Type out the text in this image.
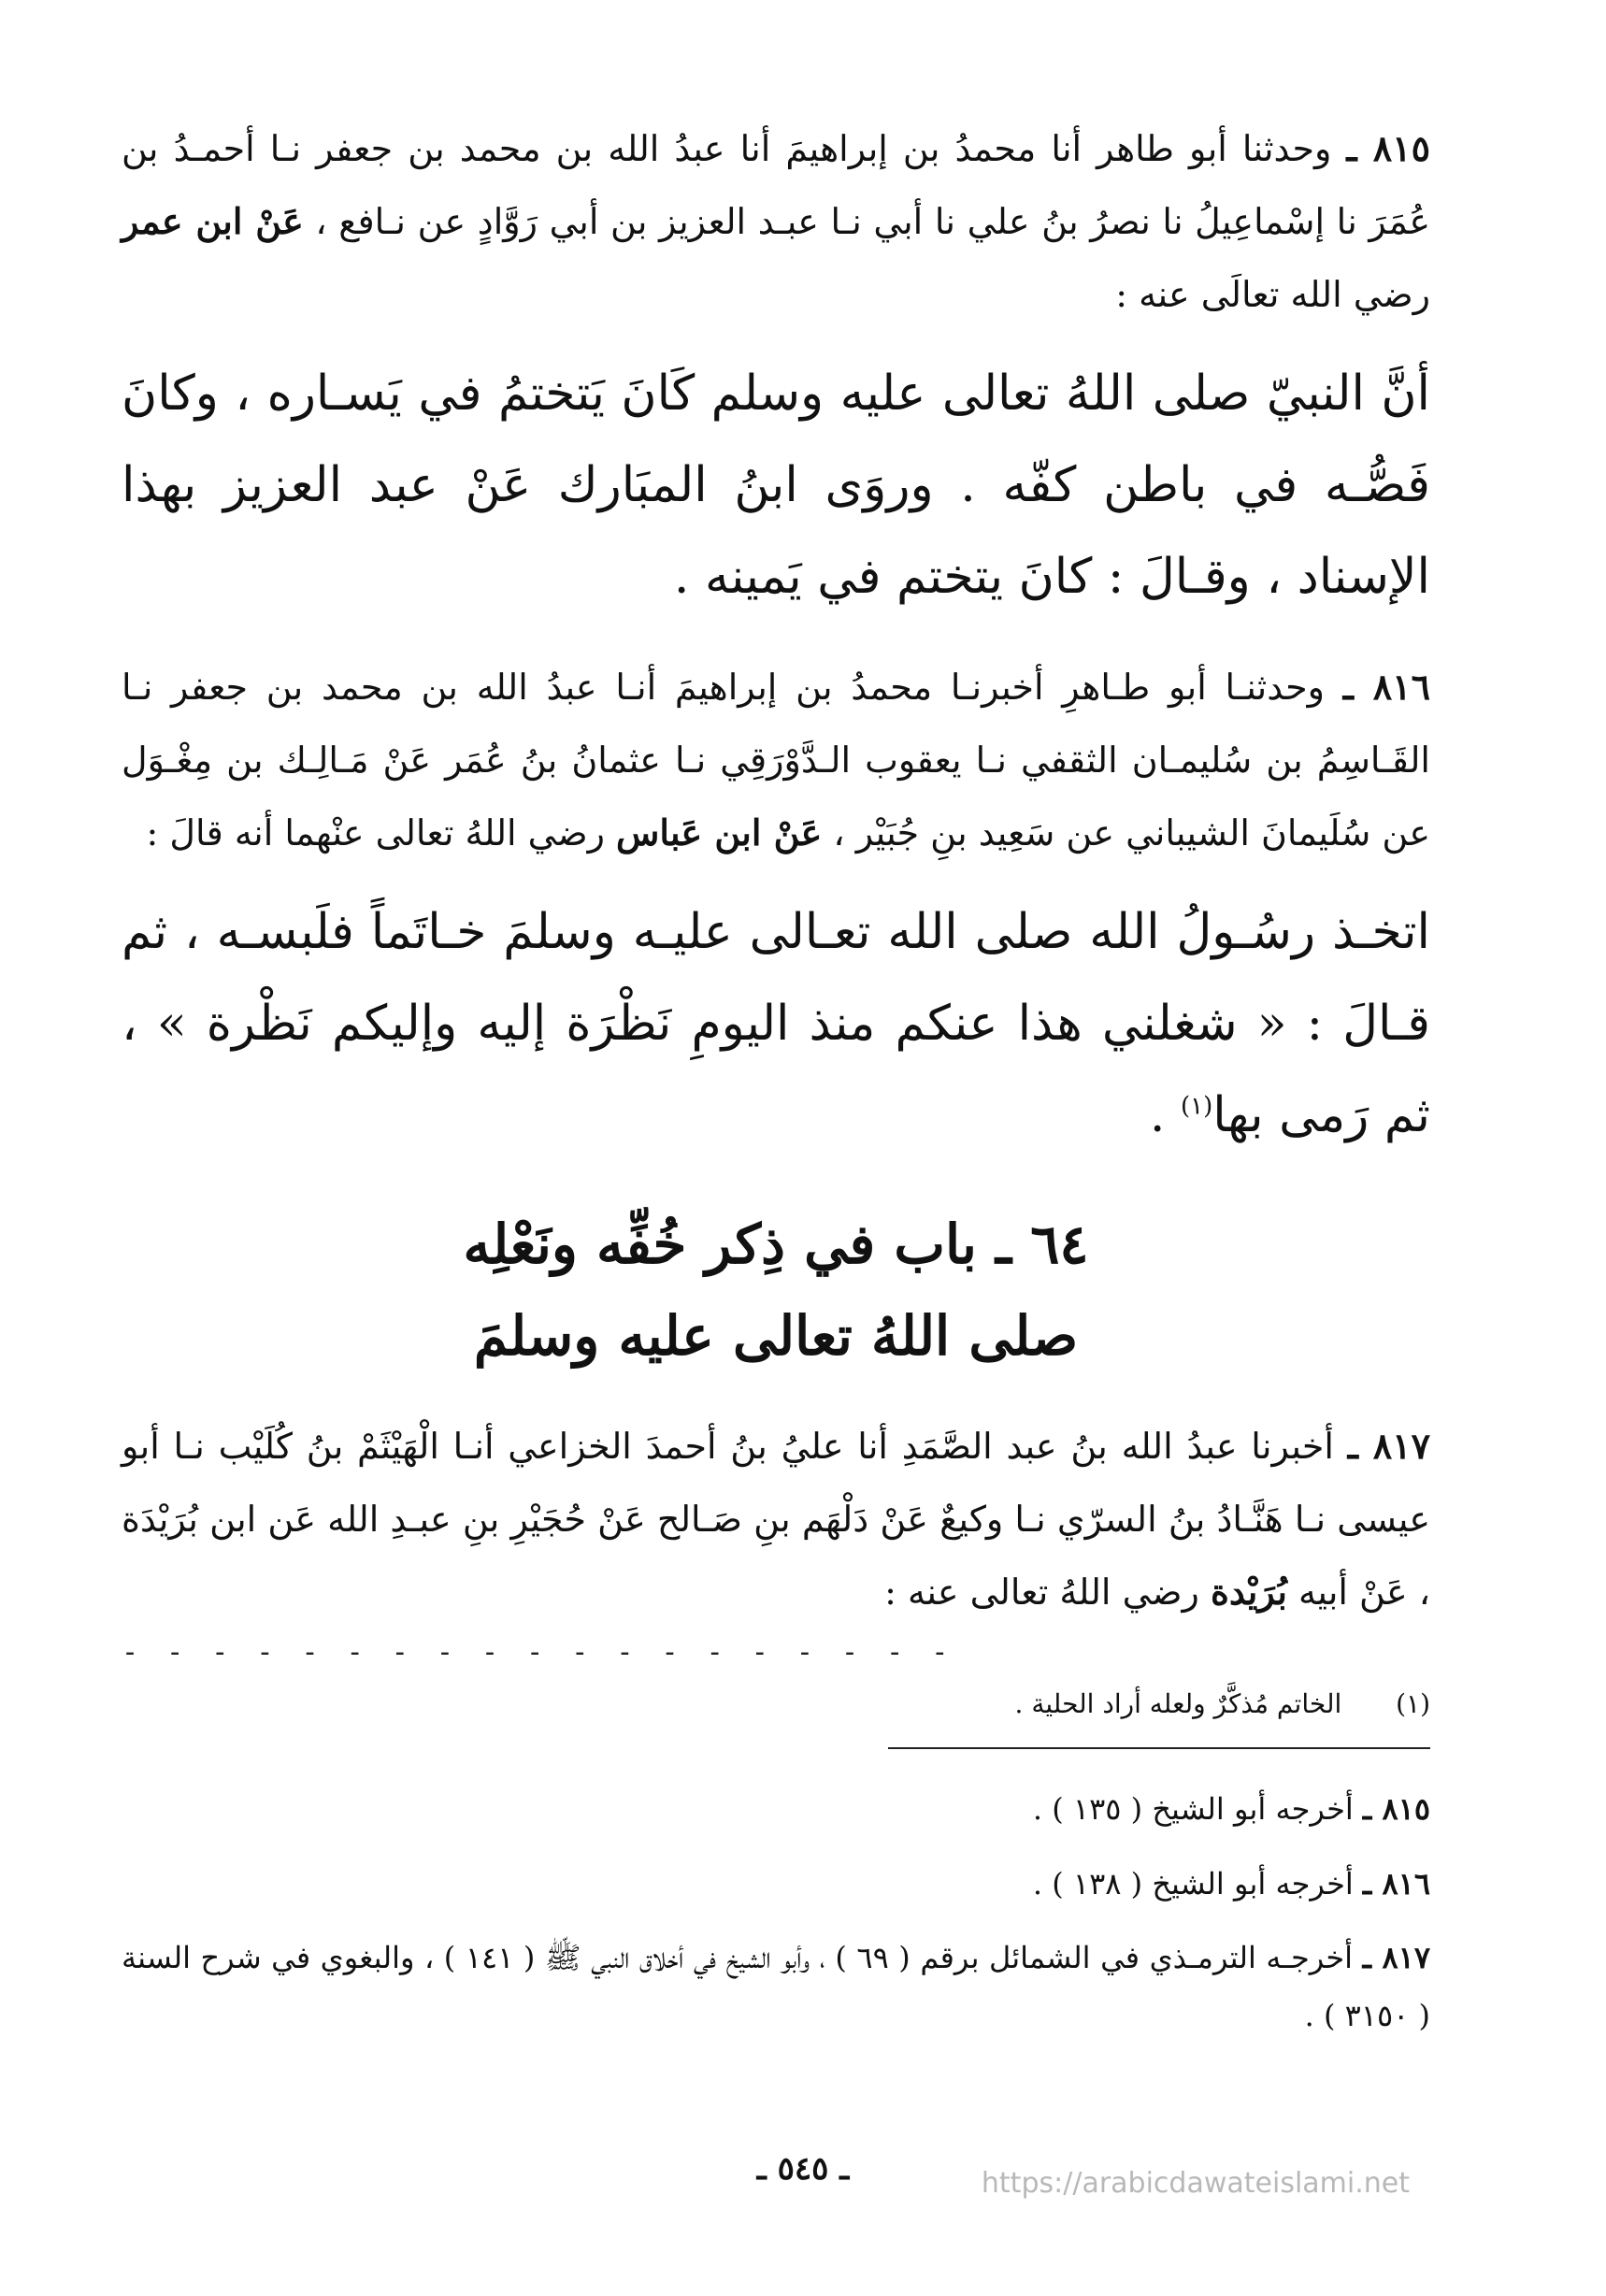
٨١٥ ـ وحدثنا أبو طاهر أنا محمدُ بن إبراهيمَ أنا عبدُ الله بن محمد بن جعفر نـا أحمـدُ بن عُمَرَ نا إسْماعِيلُ نا نصرُ بنُ علي نا أبي نـا عبـد العزيز بن أبي رَوَّادٍ عن نـافع ، عَنْ ابن عمر رضي الله تعالَى عنه :

أنَّ النبيّ صلى اللهُ تعالى عليه وسلم كَانَ يَتختمُ في يَسـاره ، وكانَ فَصُّـه في باطن كفّه . وروَى ابنُ المبَارك عَنْ عبد العزيز بهذا الإسناد ، وقـالَ : كانَ يتختم في يَمينه .

٨١٦ ـ وحدثنـا أبو طـاهرِ أخبرنـا محمدُ بن إبراهيمَ أنـا عبدُ الله بن محمد بن جعفر نـا القَـاسِمُ بن سُليمـان الثقفي نـا يعقوب الـدَّوْرَقِي نـا عثمانُ بنُ عُمَر عَنْ مَـالِـك بن مِغْـوَل عن سُلَيمانَ الشيباني عن سَعِيد بنِ جُبَيْر ، عَنْ ابن عَباس رضي اللهُ تعالى عنْهما أنه قالَ :

اتخـذ رسُـولُ الله صلى الله تعـالى عليـه وسلمَ خـاتَماً فلَبسـه ، ثم قـالَ : « شغلني هذا عنكم منذ اليومِ نَظْرَة إليه وإليكم نَظْرة » ، ثم رَمى بها$^{(١)}$ .

٦٤ ـ باب في ذِكر خُفِّه ونَعْلِه

صلى اللهُ تعالى عليه وسلمَ

٨١٧ ـ أخبرنا عبدُ الله بنُ عبد الصَّمَدِ أنا عليُ بنُ أحمدَ الخزاعي أنـا الْهَيْثَمْ بنُ كُلَيْب نـا أبو عيسى نـا هَنَّـادُ بنُ السرّي نـا وكيعٌ عَنْ دَلْهَم بنِ صَـالح عَنْ حُجَيْرِ بنِ عبـدِ الله عَن ابن بُرَيْدَة ، عَنْ أبيه بُرَيْدة رضي اللهُ تعالى عنه :

- - - - - - - - - - - - - - - - - - -

(١)  الخاتم مُذكَّرٌ ولعله أراد الحلية .

٨١٥ ـ أخرجه أبو الشيخ ( ١٣٥ ) .

٨١٦ ـ أخرجه أبو الشيخ ( ١٣٨ ) .

٨١٧ ـ أخرجـه الترمـذي في الشمائل برقم ( ٦٩ ) ، وأبو الشيخ في أخلاق النبي ﷺ ( ١٤١ ) ، والبغوي في شرح السنة ( ٣١٥٠ ) .

ـ ٥٤٥ ـ	https://arabicdawateislami.net
